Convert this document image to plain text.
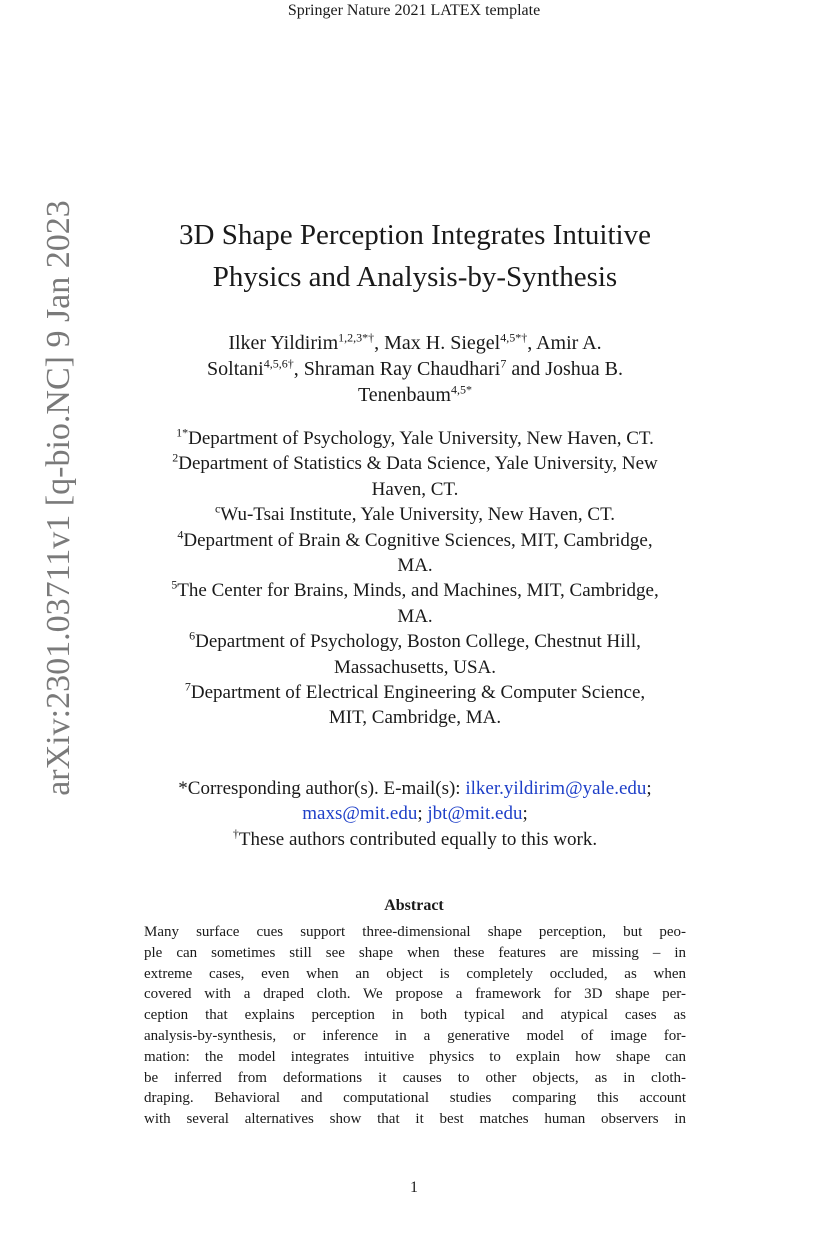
Springer Nature 2021 LATEX template
arXiv:2301.03711v1 [q-bio.NC] 9 Jan 2023	3D Shape Perception Integrates Intuitive
Physics and Analysis-by-Synthesis
Ilker Yildirim$^{1,2,3*\dagger}$, Max H. Siegel$^{4,5*\dagger}$, Amir A.
Soltani$^{4,5,6\dagger}$, Shraman Ray Chaudhari$^7$ and Joshua B.
Tenenbaum$^{4,5*}$
$^{1*}$Department of Psychology, Yale University, New Haven, CT.
$^2$Department of Statistics & Data Science, Yale University, New
Haven, CT.
$^c$Wu-Tsai Institute, Yale University, New Haven, CT.
$^4$Department of Brain & Cognitive Sciences, MIT, Cambridge,
MA.
$^5$The Center for Brains, Minds, and Machines, MIT, Cambridge,
MA.
$^6$Department of Psychology, Boston College, Chestnut Hill,
Massachusetts, USA.
$^7$Department of Electrical Engineering & Computer Science,
MIT, Cambridge, MA.
*Corresponding author(s). E-mail(s): ilker.yildirim@yale.edu;
maxs@mit.edu; jbt@mit.edu;
†These authors contributed equally to this work.
Abstract
Many surface cues support three-dimensional shape perception, but peo-
ple can sometimes still see shape when these features are missing – in
extreme cases, even when an object is completely occluded, as when
covered with a draped cloth. We propose a framework for 3D shape per-
ception that explains perception in both typical and atypical cases as
analysis-by-synthesis, or inference in a generative model of image for-
mation: the model integrates intuitive physics to explain how shape can
be inferred from deformations it causes to other objects, as in cloth-
draping. Behavioral and computational studies comparing this account
with several alternatives show that it best matches human observers in
1
